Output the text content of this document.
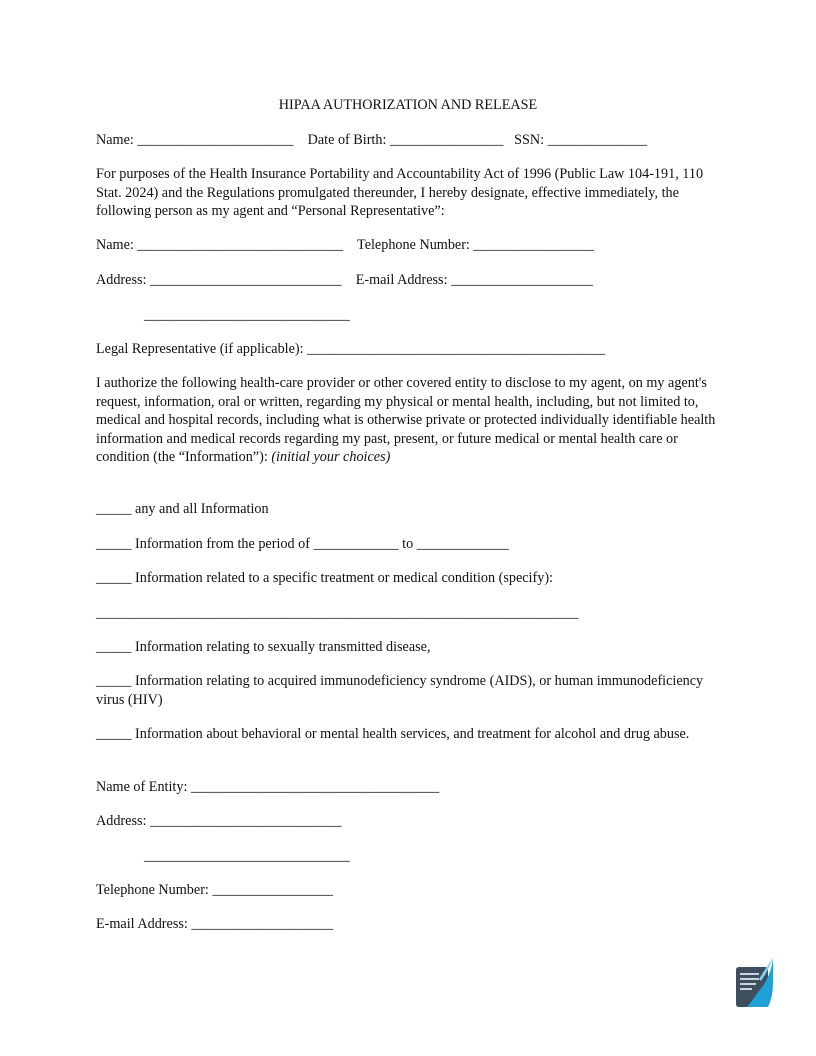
HIPAA AUTHORIZATION AND RELEASE
Name: ______________________    Date of Birth: ________________   SSN: ______________
For purposes of the Health Insurance Portability and Accountability Act of 1996 (Public Law 104-191, 110 Stat. 2024) and the Regulations promulgated thereunder, I hereby designate, effective immediately, the following person as my agent and “Personal Representative”:
Name: _____________________________    Telephone Number: _________________
Address: ___________________________    E-mail Address: ____________________
_____________________________
Legal Representative (if applicable): __________________________________________
I authorize the following health-care provider or other covered entity to disclose to my agent, on my agent's request, information, oral or written, regarding my physical or mental health, including, but not limited to, medical and hospital records, including what is otherwise private or protected individually identifiable health information and medical records regarding my past, present, or future medical or mental health care or condition (the “Information”): (initial your choices)
_____ any and all Information
_____ Information from the period of ____________ to _____________
_____ Information related to a specific treatment or medical condition (specify):
____________________________________________________________________
_____ Information relating to sexually transmitted disease,
_____ Information relating to acquired immunodeficiency syndrome (AIDS), or human immunodeficiency virus (HIV)
_____ Information about behavioral or mental health services, and treatment for alcohol and drug abuse.
Name of Entity: ___________________________________
Address: ___________________________
_____________________________
Telephone Number: _________________
E-mail Address: ____________________
